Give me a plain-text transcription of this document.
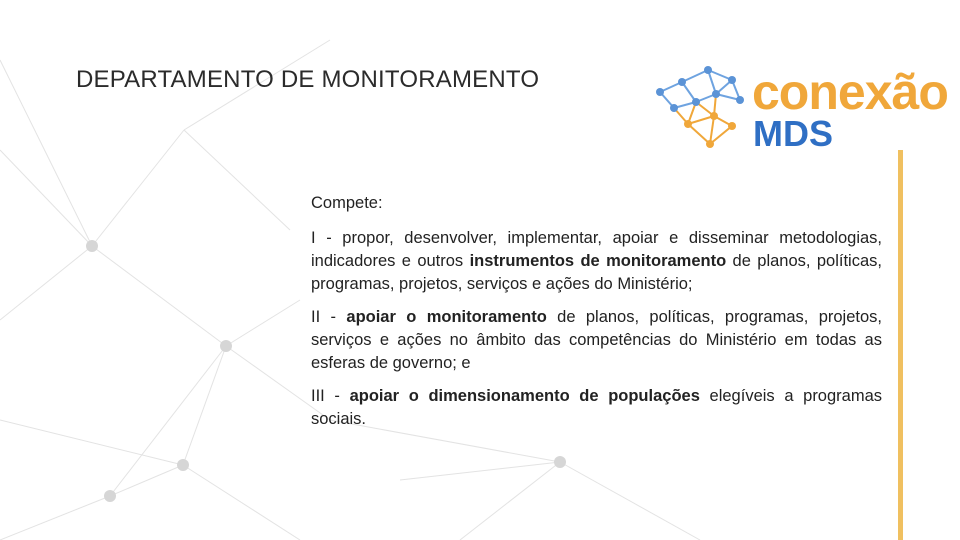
DEPARTAMENTO DE MONITORAMENTO	conexão
MDS

Compete:

I - propor, desenvolver, implementar, apoiar e disseminar metodologias, indicadores e outros instrumentos de monitoramento de planos, políticas, programas, projetos, serviços e ações do Ministério;

II - apoiar o monitoramento de planos, políticas, programas, projetos, serviços e ações no âmbito das competências do Ministério em todas as esferas de governo; e

III - apoiar o dimensionamento de populações elegíveis a programas sociais.
